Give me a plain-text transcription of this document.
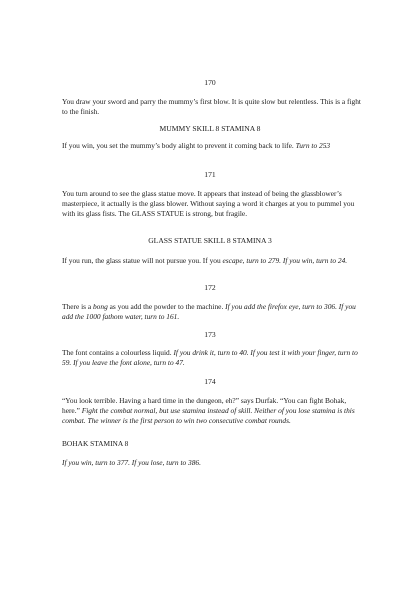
170

You draw your sword and parry the mummy’s first blow. It is quite slow but relentless. This is a fight to the finish.

MUMMY SKILL 8 STAMINA 8

If you win, you set the mummy’s body alight to prevent it coming back to life. Turn to 253

171

You turn around to see the glass statue move. It appears that instead of being the glassblower’s masterpiece, it actually is the glass blower. Without saying a word it charges at you to pummel you with its glass fists. The GLASS STATUE is strong, but fragile.

GLASS STATUE SKILL 8 STAMINA 3

If you run, the glass statue will not pursue you. If you escape, turn to 279. If you win, turn to 24.

172

There is a bong as you add the powder to the machine. If you add the firefox eye, turn to 306. If you add the 1000 fathom water, turn to 161.

173

The font contains a colourless liquid. If you drink it, turn to 40. If you test it with your finger, turn to 59. If you leave the font alone, turn to 47.

174

“You look terrible. Having a hard time in the dungeon, eh?” says Durfak. “You can fight Bohak, here.” Fight the combat normal, but use stamina instead of skill. Neither of you lose stamina is this combat. The winner is the first person to win two consecutive combat rounds.

BOHAK STAMINA 8

If you win, turn to 377. If you lose, turn to 386.
